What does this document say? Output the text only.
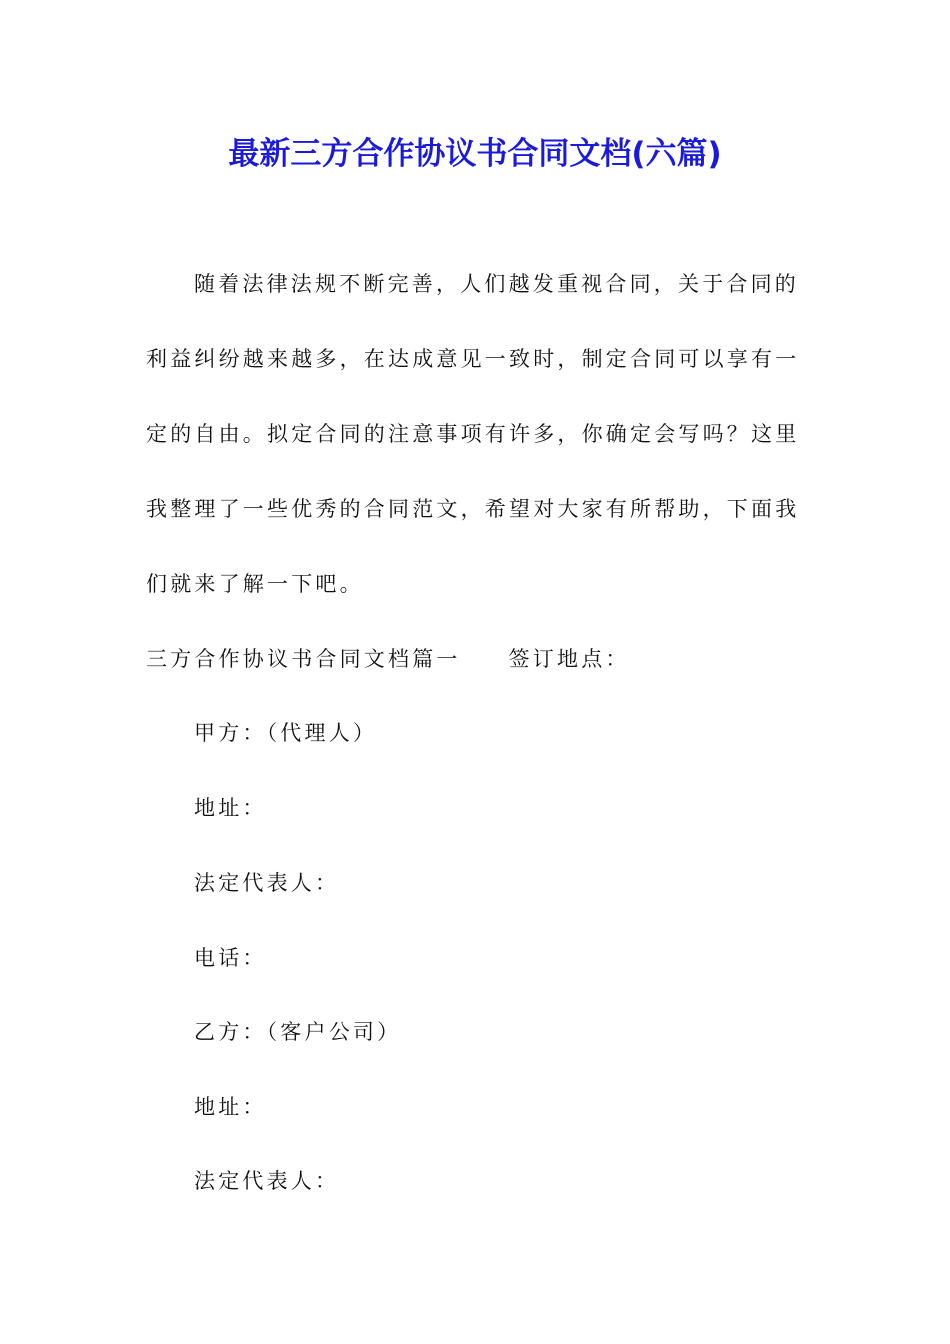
最新三方合作协议书合同文档(六篇)
随着法律法规不断完善，人们越发重视合同，关于合同的
利益纠纷越来越多，在达成意见一致时，制定合同可以享有一
定的自由。拟定合同的注意事项有许多，你确定会写吗？这里
我整理了一些优秀的合同范文，希望对大家有所帮助，下面我
们就来了解一下吧。
三方合作协议书合同文档篇一 签订地点：
甲方：（代理人）
地址：
法定代表人：
电话：
乙方：（客户公司）
地址：
法定代表人：
